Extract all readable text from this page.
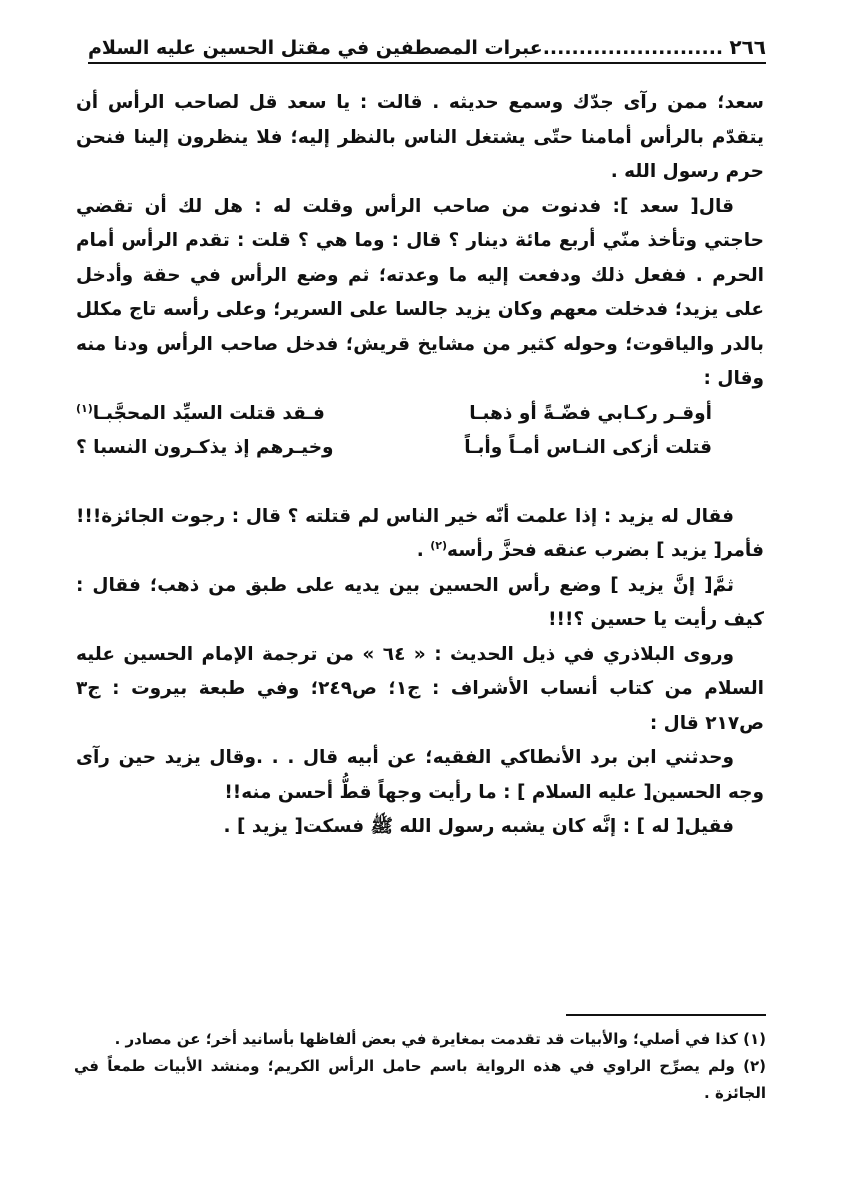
٢٦٦
.........................عبرات المصطفين في مقتل الحسين عليه السلام

سعد؛ ممن رآى جدّك وسمع حديثه . قالت : يا سعد قل لصاحب الرأس أن يتقدّم بالرأس أمامنا حتّى يشتغل الناس بالنظر إليه؛ فلا ينظرون إلينا فنحن حرم رسول الله .

قال[ سعد ]: فدنوت من صاحب الرأس وقلت له : هل لك أن تقضي حاجتي وتأخذ منّي أربع مائة دينار ؟ قال : وما هي ؟ قلت : تقدم الرأس أمام الحرم . ففعل ذلك ودفعت إليه ما وعدته؛ ثم وضع الرأس في حقة وأدخل على يزيد؛ فدخلت معهم وكان يزيد جالسا على السرير؛ وعلى رأسه تاج مكلل بالدر والياقوت؛ وحوله كثير من مشايخ قريش؛ فدخل صاحب الرأس ودنا منه وقال :

أوقـر ركـابي فضّـةً أو ذهبـا
فـقد قتلت السيِّد المحجَّبـا$^{(١)}$
قتلت أزكى النـاس أمـاً وأبـاً
وخيـرهم إذ يذكـرون النسبا ؟

فقال له يزيد : إذا علمت أنّه خير الناس لم قتلته ؟ قال : رجوت الجائزة!!! فأمر[ يزيد ] بضرب عنقه فحزَّ رأسه$^{(٢)}$ .

ثمَّ[ إنَّ يزيد ] وضع رأس الحسين بين يديه على طبق من ذهب؛ فقال : كيف رأيت يا حسين ؟!!!

وروى البلاذري في ذيل الحديث : « ٦٤ » من ترجمة الإمام الحسين عليه السلام من كتاب أنساب الأشراف : ج١؛ ص٢٤٩؛ وفي طبعة بيروت : ج٣ ص٢١٧ قال :

وحدثني ابن برد الأنطاكي الفقيه؛ عن أبيه قال . . .وقال يزيد حين رآى وجه الحسين[ عليه السلام ] : ما رأيت وجهاً قطُّ أحسن منه!!

فقيل[ له ] : إنَّه كان يشبه رسول الله ﷺ فسكت[ يزيد ] .

(١) كذا في أصلي؛ والأبيات قد تقدمت بمغايرة في بعض ألفاظها بأسانيد أخر؛ عن مصادر .

(٢) ولم يصرِّح الراوي في هذه الرواية باسم حامل الرأس الكريم؛ ومنشد الأبيات طمعاً في الجائزة .
